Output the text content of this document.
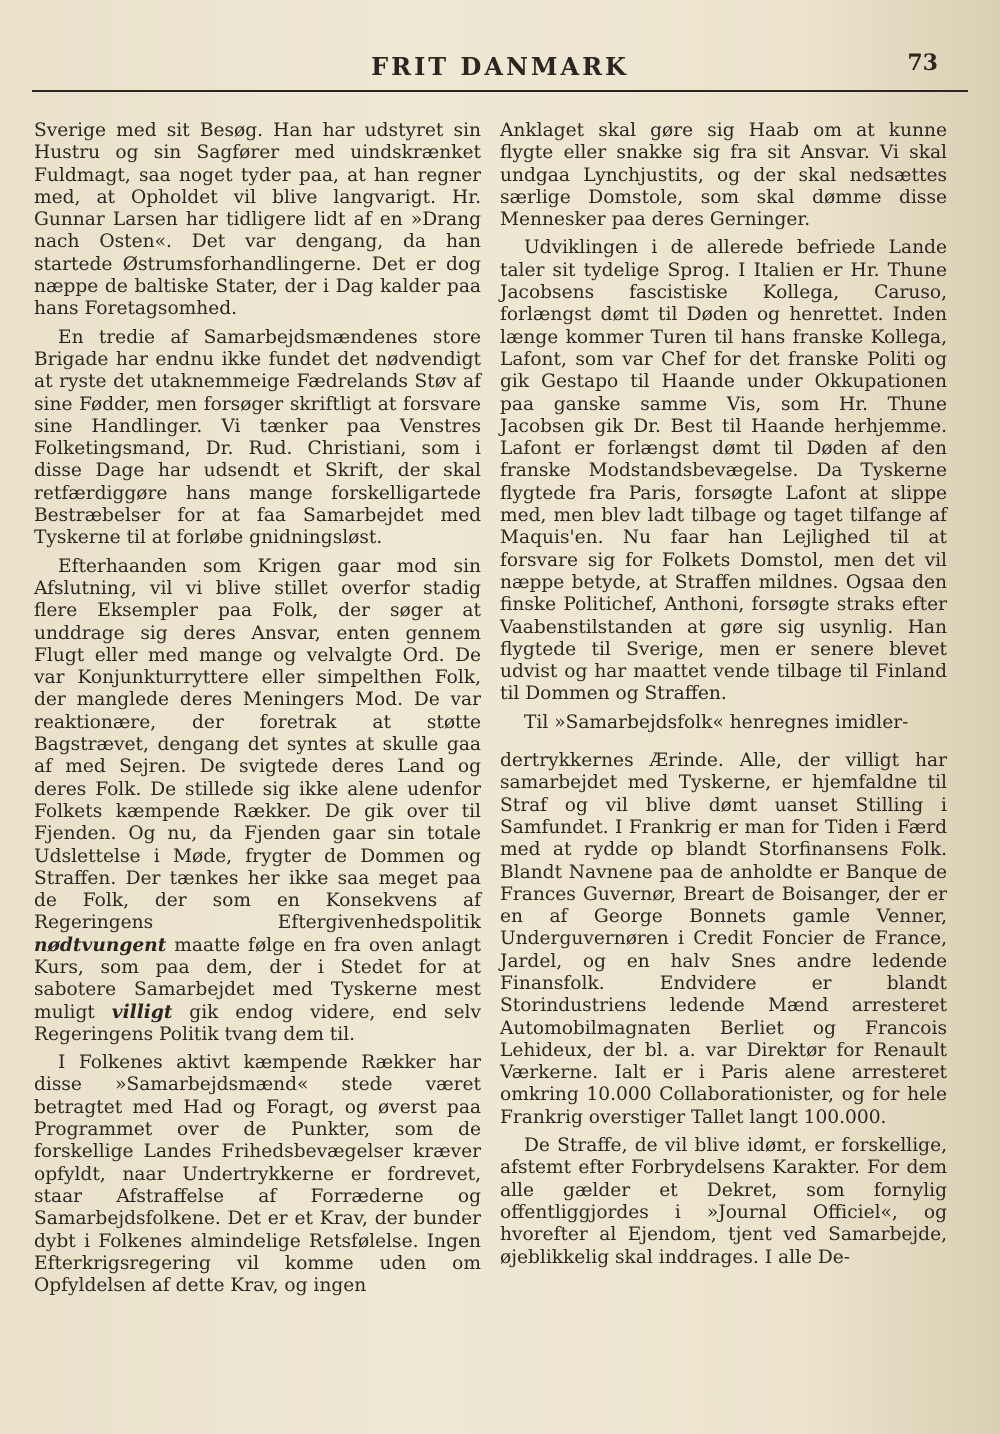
FRIT DANMARK	73

Sverige med sit Besøg. Han har udstyret sin Hustru og sin Sagfører med uindskrænket Fuldmagt, saa noget tyder paa, at han regner med, at Opholdet vil blive langvarigt. Hr. Gunnar Larsen har tidligere lidt af en »Drang nach Osten«. Det var dengang, da han startede Østrumsforhandlingerne. Det er dog næppe de baltiske Stater, der i Dag kalder paa hans Foretagsomhed.

En tredie af Samarbejdsmændenes store Brigade har endnu ikke fundet det nødvendigt at ryste det utaknemmeige Fædrelands Støv af sine Fødder, men forsøger skriftligt at forsvare sine Handlinger. Vi tænker paa Venstres Folketingsmand, Dr. Rud. Christiani, som i disse Dage har udsendt et Skrift, der skal retfærdiggøre hans mange forskelligartede Bestræbelser for at faa Samarbejdet med Tyskerne til at forløbe gnidningsløst.

Efterhaanden som Krigen gaar mod sin Afslutning, vil vi blive stillet overfor stadig flere Eksempler paa Folk, der søger at unddrage sig deres Ansvar, enten gennem Flugt eller med mange og velvalgte Ord. De var Konjunkturryttere eller simpelthen Folk, der manglede deres Meningers Mod. De var reaktionære, der foretrak at støtte Bagstrævet, dengang det syntes at skulle gaa af med Sejren. De svigtede deres Land og deres Folk. De stillede sig ikke alene udenfor Folkets kæmpende Rækker. De gik over til Fjenden. Og nu, da Fjenden gaar sin totale Udslettelse i Møde, frygter de Dommen og Straffen. Der tænkes her ikke saa meget paa de Folk, der som en Konsekvens af Regeringens Eftergivenhedspolitik nødtvungent maatte følge en fra oven anlagt Kurs, som paa dem, der i Stedet for at sabotere Samarbejdet med Tyskerne mest muligt villigt gik endog videre, end selv Regeringens Politik tvang dem til.

I Folkenes aktivt kæmpende Rækker har disse »Samarbejdsmænd« stede været betragtet med Had og Foragt, og øverst paa Programmet over de Punkter, som de forskellige Landes Frihedsbevægelser kræver opfyldt, naar Undertrykkerne er fordrevet, staar Afstraffelse af Forræderne og Samarbejdsfolkene. Det er et Krav, der bunder dybt i Folkenes almindelige Retsfølelse. Ingen Efterkrigsregering vil komme uden om Opfyldelsen af dette Krav, og ingen

Anklaget skal gøre sig Haab om at kunne flygte eller snakke sig fra sit Ansvar. Vi skal undgaa Lynchjustits, og der skal nedsættes særlige Domstole, som skal dømme disse Mennesker paa deres Gerninger.

Udviklingen i de allerede befriede Lande taler sit tydelige Sprog. I Italien er Hr. Thune Jacobsens fascistiske Kollega, Caruso, forlængst dømt til Døden og henrettet. Inden længe kommer Turen til hans franske Kollega, Lafont, som var Chef for det franske Politi og gik Gestapo til Haande under Okkupationen paa ganske samme Vis, som Hr. Thune Jacobsen gik Dr. Best til Haande herhjemme. Lafont er forlængst dømt til Døden af den franske Modstandsbevægelse. Da Tyskerne flygtede fra Paris, forsøgte Lafont at slippe med, men blev ladt tilbage og taget tilfange af Maquis'en. Nu faar han Lejlighed til at forsvare sig for Folkets Domstol, men det vil næppe betyde, at Straffen mildnes. Ogsaa den finske Politichef, Anthoni, forsøgte straks efter Vaabenstilstanden at gøre sig usynlig. Han flygtede til Sverige, men er senere blevet udvist og har maattet vende tilbage til Finland til Dommen og Straffen.

Til »Samarbejdsfolk« henregnes imidler-

dertrykkernes Ærinde. Alle, der villigt har samarbejdet med Tyskerne, er hjemfaldne til Straf og vil blive dømt uanset Stilling i Samfundet. I Frankrig er man for Tiden i Færd med at rydde op blandt Storfinansens Folk. Blandt Navnene paa de anholdte er Banque de Frances Guvernør, Breart de Boisanger, der er en af George Bonnets gamle Venner, Underguvernøren i Credit Foncier de France, Jardel, og en halv Snes andre ledende Finansfolk. Endvidere er blandt Storindustriens ledende Mænd arresteret Automobilmagnaten Berliet og Francois Lehideux, der bl. a. var Direktør for Renault Værkerne. Ialt er i Paris alene arresteret omkring 10.000 Collaborationister, og for hele Frankrig overstiger Tallet langt 100.000.

De Straffe, de vil blive idømt, er forskellige, afstemt efter Forbrydelsens Karakter. For dem alle gælder et Dekret, som fornylig offentliggjordes i »Journal Officiel«, og hvorefter al Ejendom, tjent ved Samarbejde, øjeblikkelig skal inddrages. I alle De-
